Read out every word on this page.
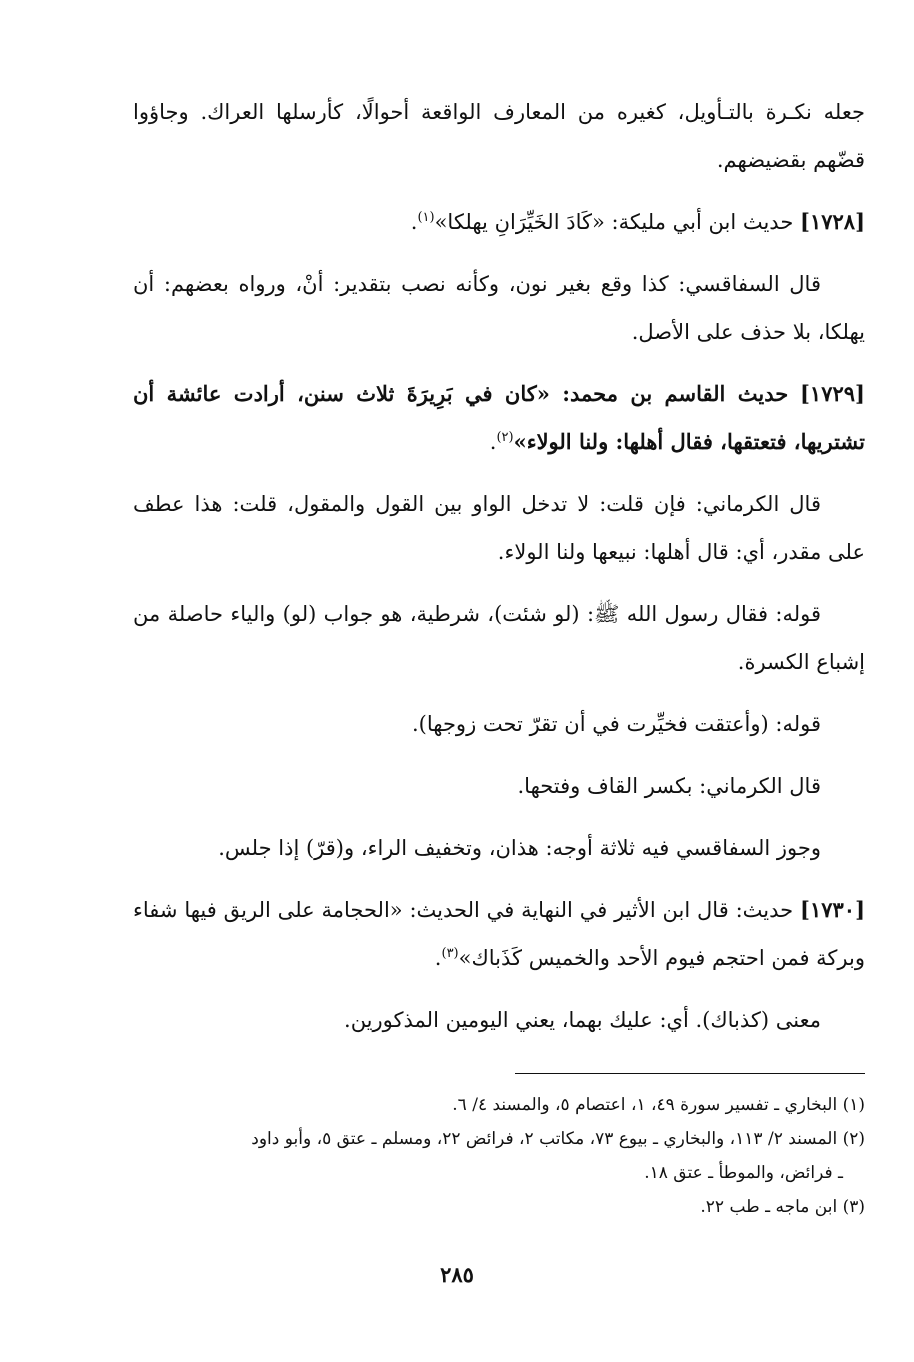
جعله نكـرة بالتـأويل، كغيره من المعارف الواقعة أحوالًا، كأرسلها العراك. وجاؤوا قضّهم بقضيضهم.

[١٧٢٨] حديث ابن أبي مليكة: «كَادَ الخَيِّرَانِ يهلكا»$^{(١)}$.

قال السفاقسي: كذا وقع بغير نون، وكأنه نصب بتقدير: أنْ، ورواه بعضهم: أن يهلكا، بلا حذف على الأصل.

[١٧٢٩] حديث القاسم بن محمد: «كان في بَرِيرَةَ ثلاث سنن، أرادت عائشة أن تشتريها، فتعتقها، فقال أهلها: ولنا الولاء»$^{(٢)}$.

قال الكرماني: فإن قلت: لا تدخل الواو بين القول والمقول، قلت: هذا عطف على مقدر، أي: قال أهلها: نبيعها ولنا الولاء.

قوله: فقال رسول الله ﷺ: (لو شئت)، شرطية، هو جواب (لو) والياء حاصلة من إشباع الكسرة.

قوله: (وأعتقت فخيِّرت في أن تقرّ تحت زوجها).

قال الكرماني: بكسر القاف وفتحها.

وجوز السفاقسي فيه ثلاثة أوجه: هذان، وتخفيف الراء، و(قرّ) إذا جلس.

[١٧٣٠] حديث: قال ابن الأثير في النهاية في الحديث: «الحجامة على الريق فيها شفاء وبركة فمن احتجم فيوم الأحد والخميس كَذَباك»$^{(٣)}$.

معنى (كذباك). أي: عليك بهما، يعني اليومين المذكورين.

(١) البخاري ـ تفسير سورة ٤٩، ١، اعتصام ٥، والمسند ٤/ ٦.

(٢) المسند ٢/ ١١٣، والبخاري ـ بيوع ٧٣، مكاتب ٢، فرائض ٢٢، ومسلم ـ عتق ٥، وأبو داود

ـ فرائض، والموطأ ـ عتق ١٨.

(٣) ابن ماجه ـ طب ٢٢.

٢٨٥
